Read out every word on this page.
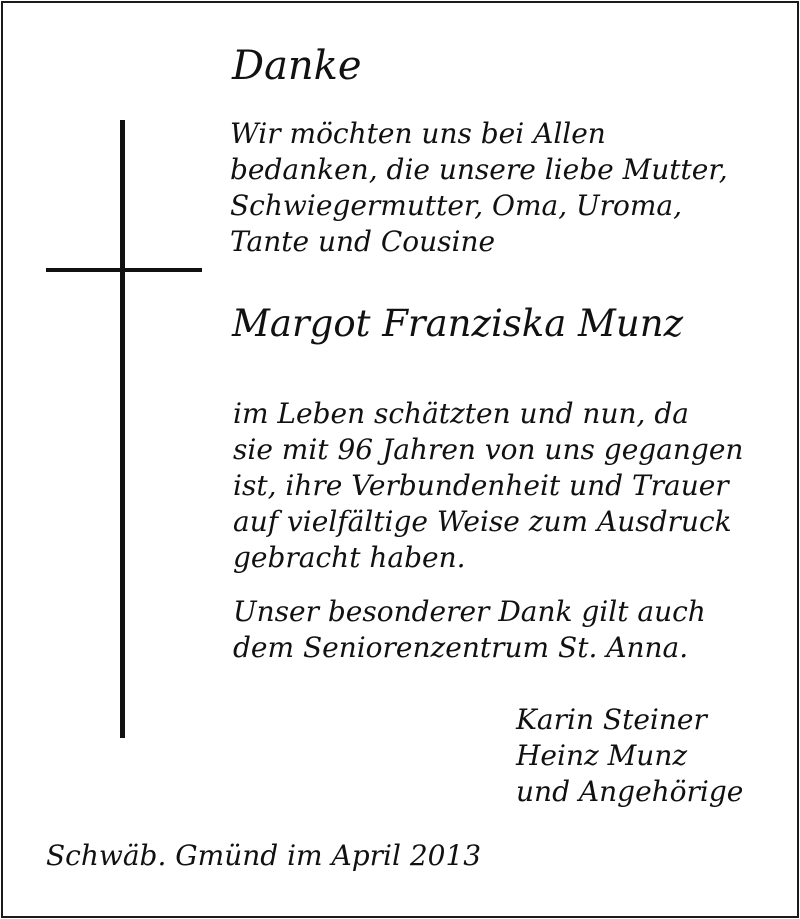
Danke

Wir möchten uns bei Allen
bedanken, die unsere liebe Mutter,
Schwiegermutter, Oma, Uroma,
Tante und Cousine

Margot Franziska Munz

im Leben schätzten und nun, da
sie mit 96 Jahren von uns gegangen
ist, ihre Verbundenheit und Trauer
auf vielfältige Weise zum Ausdruck
gebracht haben.

Unser besonderer Dank gilt auch
dem Seniorenzentrum St. Anna.

Karin Steiner
Heinz Munz
und Angehörige

Schwäb. Gmünd im April 2013
